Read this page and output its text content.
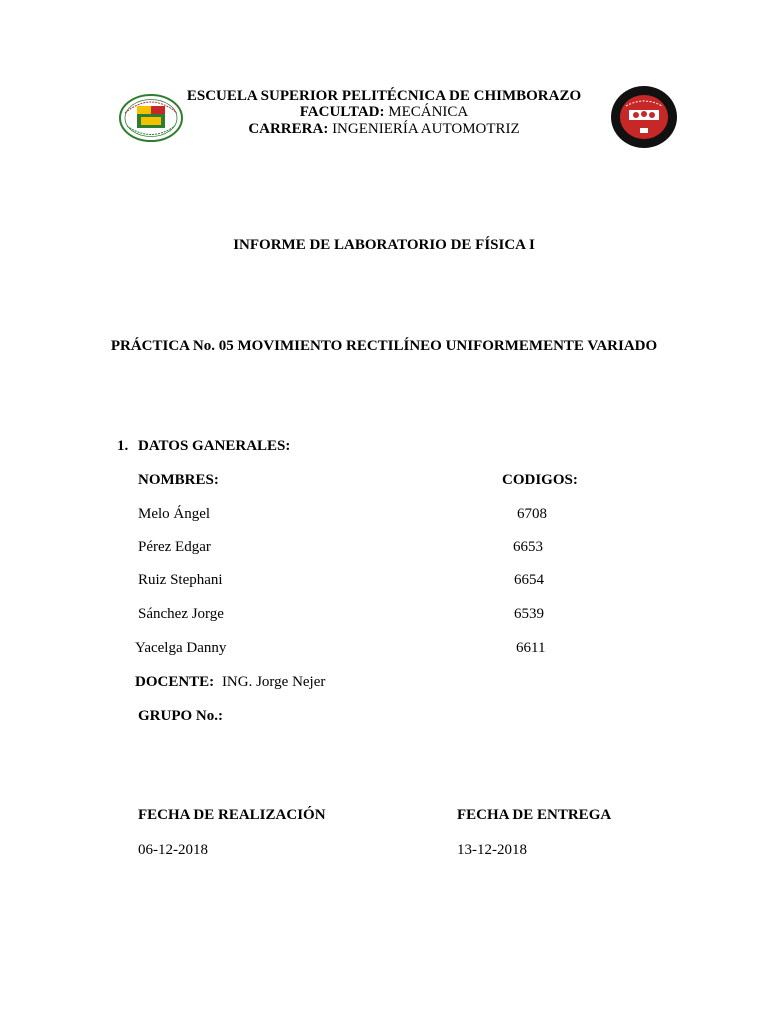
ESCUELA SUPERIOR PELITÉCNICA DE CHIMBORAZO
FACULTAD: MECÁNICA
CARRERA: INGENIERÍA AUTOMOTRIZ
INFORME DE LABORATORIO DE FÍSICA I
PRÁCTICA No. 05 MOVIMIENTO RECTILÍNEO UNIFORMEMENTE VARIADO
1. DATOS GANERALES:
NOMBRES:	CODIGOS:
Melo Ángel	6708
Pérez Edgar	6653
Ruiz Stephani	6654
Sánchez Jorge	6539
Yacelga Danny	6611
DOCENTE: ING. Jorge Nejer
GRUPO No.:
FECHA DE REALIZACIÓN	FECHA DE ENTREGA
06-12-2018	13-12-2018
